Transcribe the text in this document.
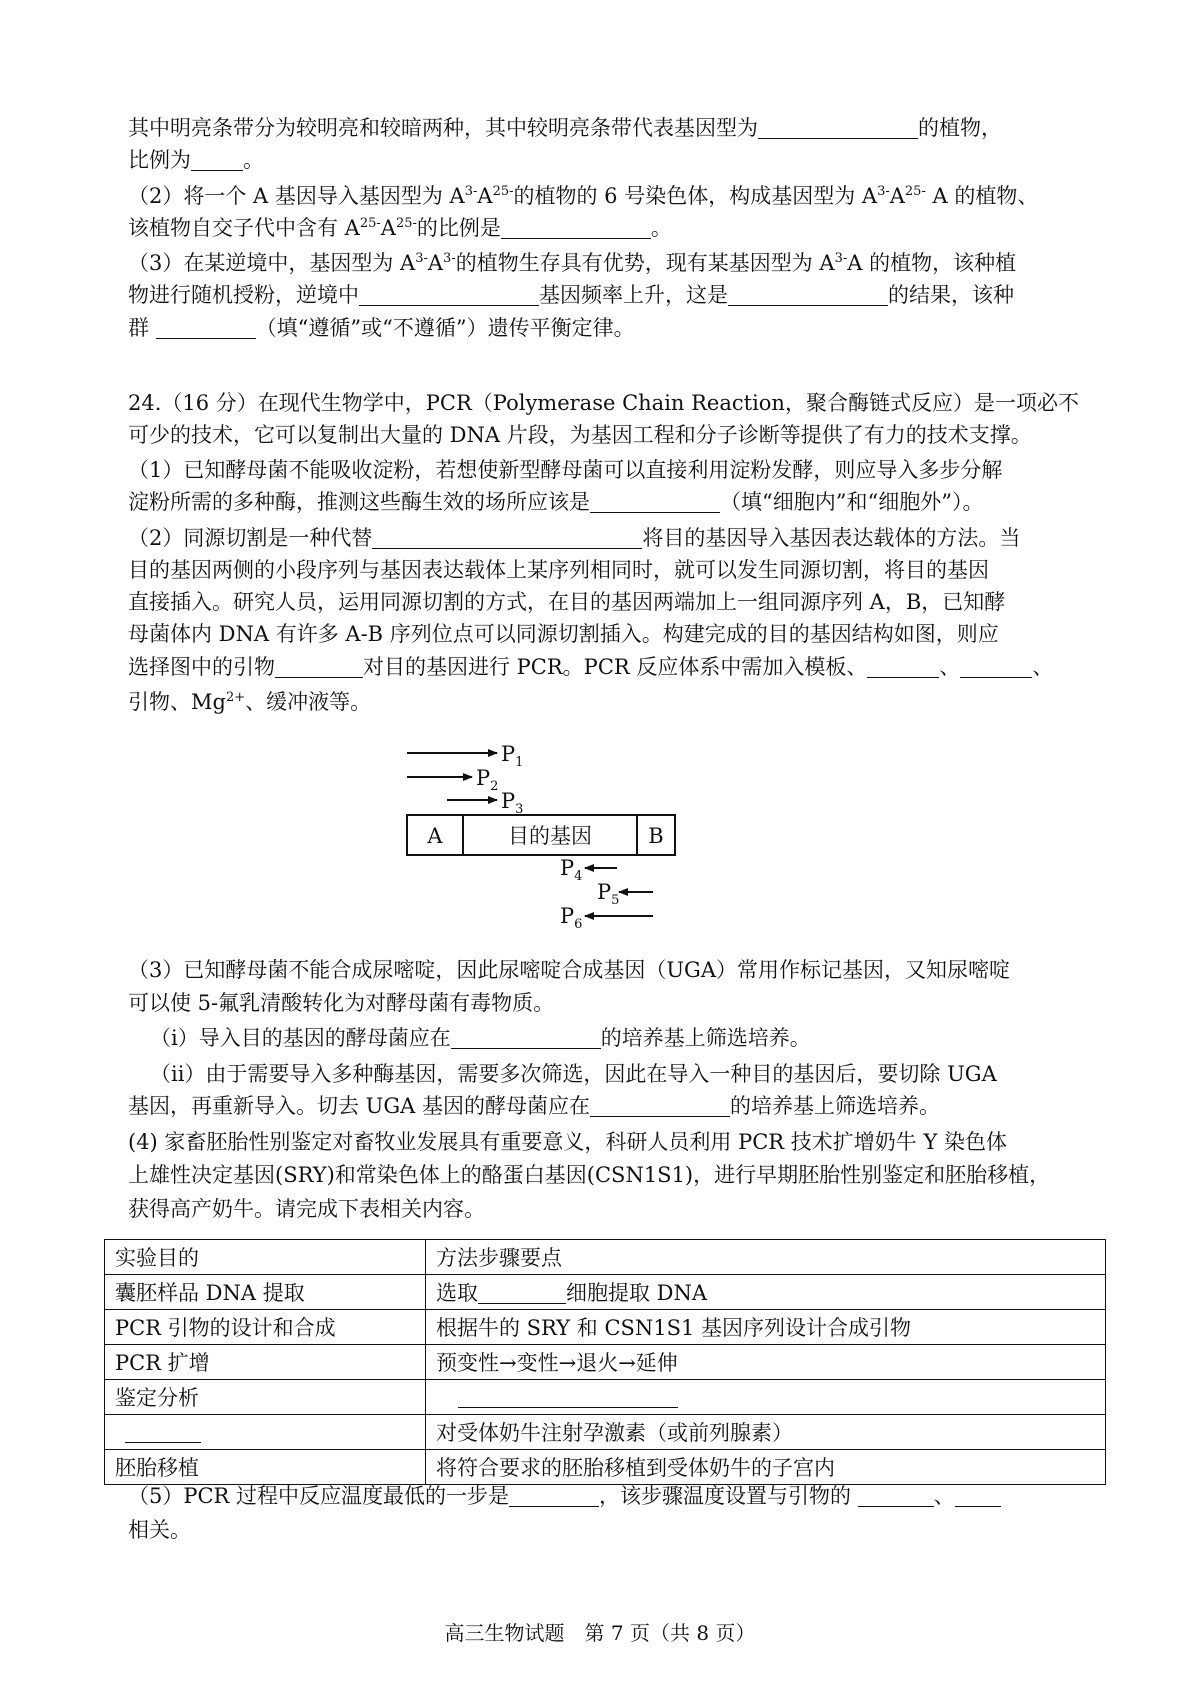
其中明亮条带分为较明亮和较暗两种，其中较明亮条带代表基因型为	的植物，
比例为 。
（2）将一个 A 基因导入基因型为 $A^{3-}A^{25-}$的植物的 6 号染色体，构成基因型为 $A^{3-}A^{25-}$ A 的植物、
该植物自交子代中含有 $A^{25-}A^{25-}$的比例是	。
（3）在某逆境中，基因型为 $A^{3-}A^{3-}$的植物生存具有优势，现有某基因型为 $A^{3-}A$ 的植物，该种植
物进行随机授粉，逆境中	基因频率上升，这是	的结果，该种
群	（填“遵循”或“不遵循”）遗传平衡定律。
24.（16 分）在现代生物学中，PCR（Polymerase Chain Reaction，聚合酶链式反应）是一项必不
可少的技术，它可以复制出大量的 DNA 片段，为基因工程和分子诊断等提供了有力的技术支撑。
（1）已知酵母菌不能吸收淀粉，若想使新型酵母菌可以直接利用淀粉发酵，则应导入多步分解
淀粉所需的多种酶，推测这些酶生效的场所应该是	（填“细胞内”和“细胞外”）。
（2）同源切割是一种代替	将目的基因导入基因表达载体的方法。当
目的基因两侧的小段序列与基因表达载体上某序列相同时，就可以发生同源切割，将目的基因
直接插入。研究人员，运用同源切割的方式，在目的基因两端加上一组同源序列 A，B，已知酵
母菌体内 DNA 有许多 A-B 序列位点可以同源切割插入。构建完成的目的基因结构如图，则应
选择图中的引物	对目的基因进行 PCR。PCR 反应体系中需加入模板、	、	、
引物、$Mg^{2+}$、缓冲液等。
$P_1$
$P_2$
$P_3$
A	目的基因	B
$P_4$
$P_5$
$P_6$
（3）已知酵母菌不能合成尿嘧啶，因此尿嘧啶合成基因（UGA）常用作标记基因，又知尿嘧啶
可以使 5-氟乳清酸转化为对酵母菌有毒物质。
（i）导入目的基因的酵母菌应在	的培养基上筛选培养。
（ii）由于需要导入多种酶基因，需要多次筛选，因此在导入一种目的基因后，要切除 UGA
基因，再重新导入。切去 UGA 基因的酵母菌应在	的培养基上筛选培养。
(4) 家畜胚胎性别鉴定对畜牧业发展具有重要意义，科研人员利用 PCR 技术扩增奶牛 Y 染色体
上雄性决定基因(SRY)和常染色体上的酪蛋白基因(CSN1S1)，进行早期胚胎性别鉴定和胚胎移植，
获得高产奶牛。请完成下表相关内容。
实验目的	方法步骤要点
囊胚样品 DNA 提取	选取 细胞提取 DNA
PCR 引物的设计和合成	根据牛的 SRY 和 CSN1S1 基因序列设计合成引物
PCR 扩增	预变性→变性→退火→延伸
鉴定分析	
	对受体奶牛注射孕激素（或前列腺素）
胚胎移植	将符合要求的胚胎移植到受体奶牛的子宫内
（5）PCR 过程中反应温度最低的一步是	，该步骤温度设置与引物的	、
相关。
高三生物试题　第 7 页（共 8 页）
